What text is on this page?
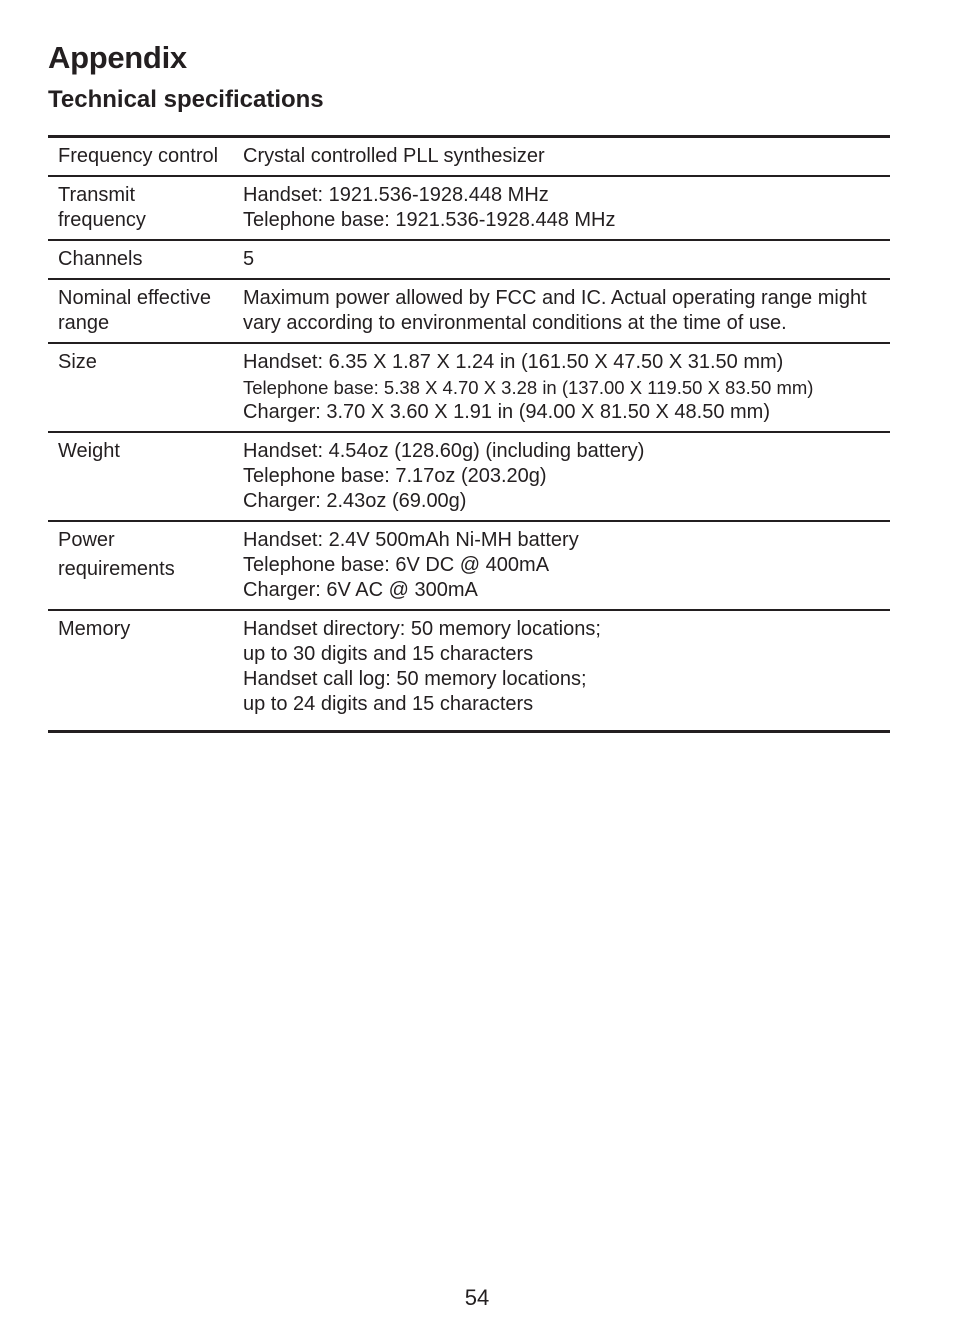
Appendix
Technical specifications
Frequency control	Crystal controlled PLL synthesizer

Transmit
frequency	Handset: 1921.536-1928.448 MHz
Telephone base: 1921.536-1928.448 MHz

Channels	5

Nominal effective
range	Maximum power allowed by FCC and IC. Actual operating range might vary according to environmental conditions at the time of use.

Size	Handset: 6.35 X 1.87 X 1.24 in (161.50 X 47.50 X 31.50 mm)
Telephone base: 5.38 X 4.70 X 3.28 in (137.00 X 119.50 X 83.50 mm)
Charger: 3.70 X 3.60 X 1.91 in (94.00 X 81.50 X 48.50 mm)

Weight	Handset: 4.54oz (128.60g) (including battery)
Telephone base: 7.17oz (203.20g)
Charger: 2.43oz (69.00g)

Power
requirements	Handset: 2.4V 500mAh Ni-MH battery
Telephone base: 6V DC @ 400mA
Charger: 6V AC @ 300mA

Memory	Handset directory: 50 memory locations;
up to 30 digits and 15 characters
Handset call log: 50 memory locations;
up to 24 digits and 15 characters
54
